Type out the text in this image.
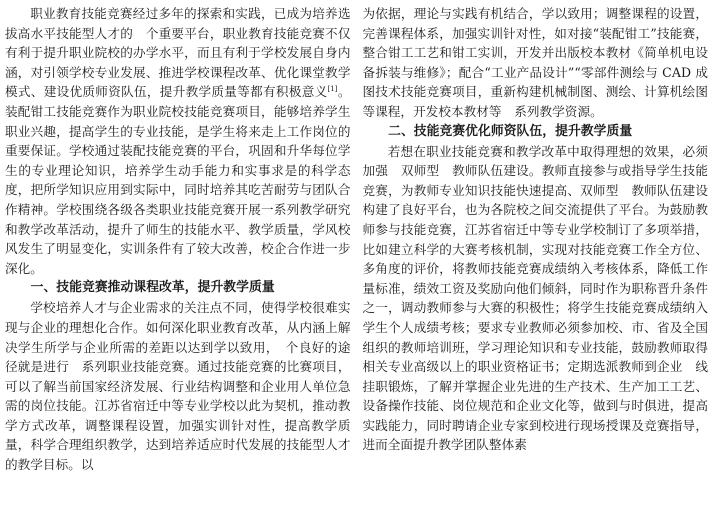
职业教育技能竞赛经过多年的探索和实践，已成为培养选拔高水平技能型人才的　个重要平台，职业教育技能竞赛不仅有利于提升职业院校的办学水平，而且有利于学校发展自身内涵，对引领学校专业发展、推进学校课程改革、优化课堂教学模式、建设优质师资队伍，提升教学质量等都有积极意义[1]。装配钳工技能竞赛作为职业院校技能竞赛项目，能够培养学生职业兴趣，提高学生的专业技能，是学生将来走上工作岗位的重要保证。学校通过装配技能竞赛的平台，巩固和升华每位学生的专业理论知识，培养学生动手能力和实事求是的科学态度，把所学知识应用到实际中，同时培养其吃苦耐劳与团队合作精神。学校围绕各级各类职业技能竞赛开展一系列教学研究和教学改革活动，提升了师生的技能水平、教学质量，学风校风发生了明显变化，实训条件有了较大改善，校企合作进一步深化。

一、技能竞赛推动课程改革，提升教学质量

学校培养人才与企业需求的关注点不同，使得学校很难实现与企业的理想化合作。如何深化职业教育改革，从内涵上解决学生所学与企业所需的差距以达到学以致用，　个良好的途径就是进行　系列职业技能竞赛。通过技能竞赛的比赛项目，可以了解当前国家经济发展、行业结构调整和企业用人单位急需的岗位技能。江苏省宿迁中等专业学校以此为契机，推动教学方式改革，调整课程设置，加强实训针对性，提高教学质量，科学合理组织教学，达到培养适应时代发展的技能型人才的教学目标。以

为依据，理论与实践有机结合，学以致用；调整课程的设置，完善课程体系，加强实训针对性，如对接“装配钳工”技能赛，整合钳工工艺和钳工实训，开发并出版校本教材《简单机电设备拆装与维修》；配合“工业产品设计”“零部件测绘与 CAD 成图技术技能竞赛项目，重新构建机械制图、测绘、计算机绘图等课程，开发校本教材等　系列教学资源。

二、技能竞赛优化师资队伍，提升教学质量

若想在职业技能竞赛和教学改革中取得理想的效果，必须加强　双师型　教师队伍建设。教师直接参与或指导学生技能竞赛，为教师专业知识技能快速提高、双师型　教师队伍建设构建了良好平台，也为各院校之间交流提供了平台。为鼓励教师参与技能竞赛，江苏省宿迁中等专业学校制订了多项举措，比如建立科学的大赛考核机制，实现对技能竞赛工作全方位、多角度的评价，将教师技能竞赛成绩纳入考核体系，降低工作量标准，绩效工资及奖励向他们倾斜，同时作为职称晋升条件之一，调动教师参与大赛的积极性；将学生技能竞赛成绩纳入学生个人成绩考核；要求专业教师必须参加校、市、省及全国组织的教师培训班，学习理论知识和专业技能，鼓励教师取得相关专业高级以上的职业资格证书；定期选派教师到企业　线挂职锻炼，了解并掌握企业先进的生产技术、生产加工工艺、设备操作技能、岗位规范和企业文化等，做到与时俱进，提高实践能力，同时聘请企业专家到校进行现场授课及竞赛指导，进而全面提升教学团队整体素
